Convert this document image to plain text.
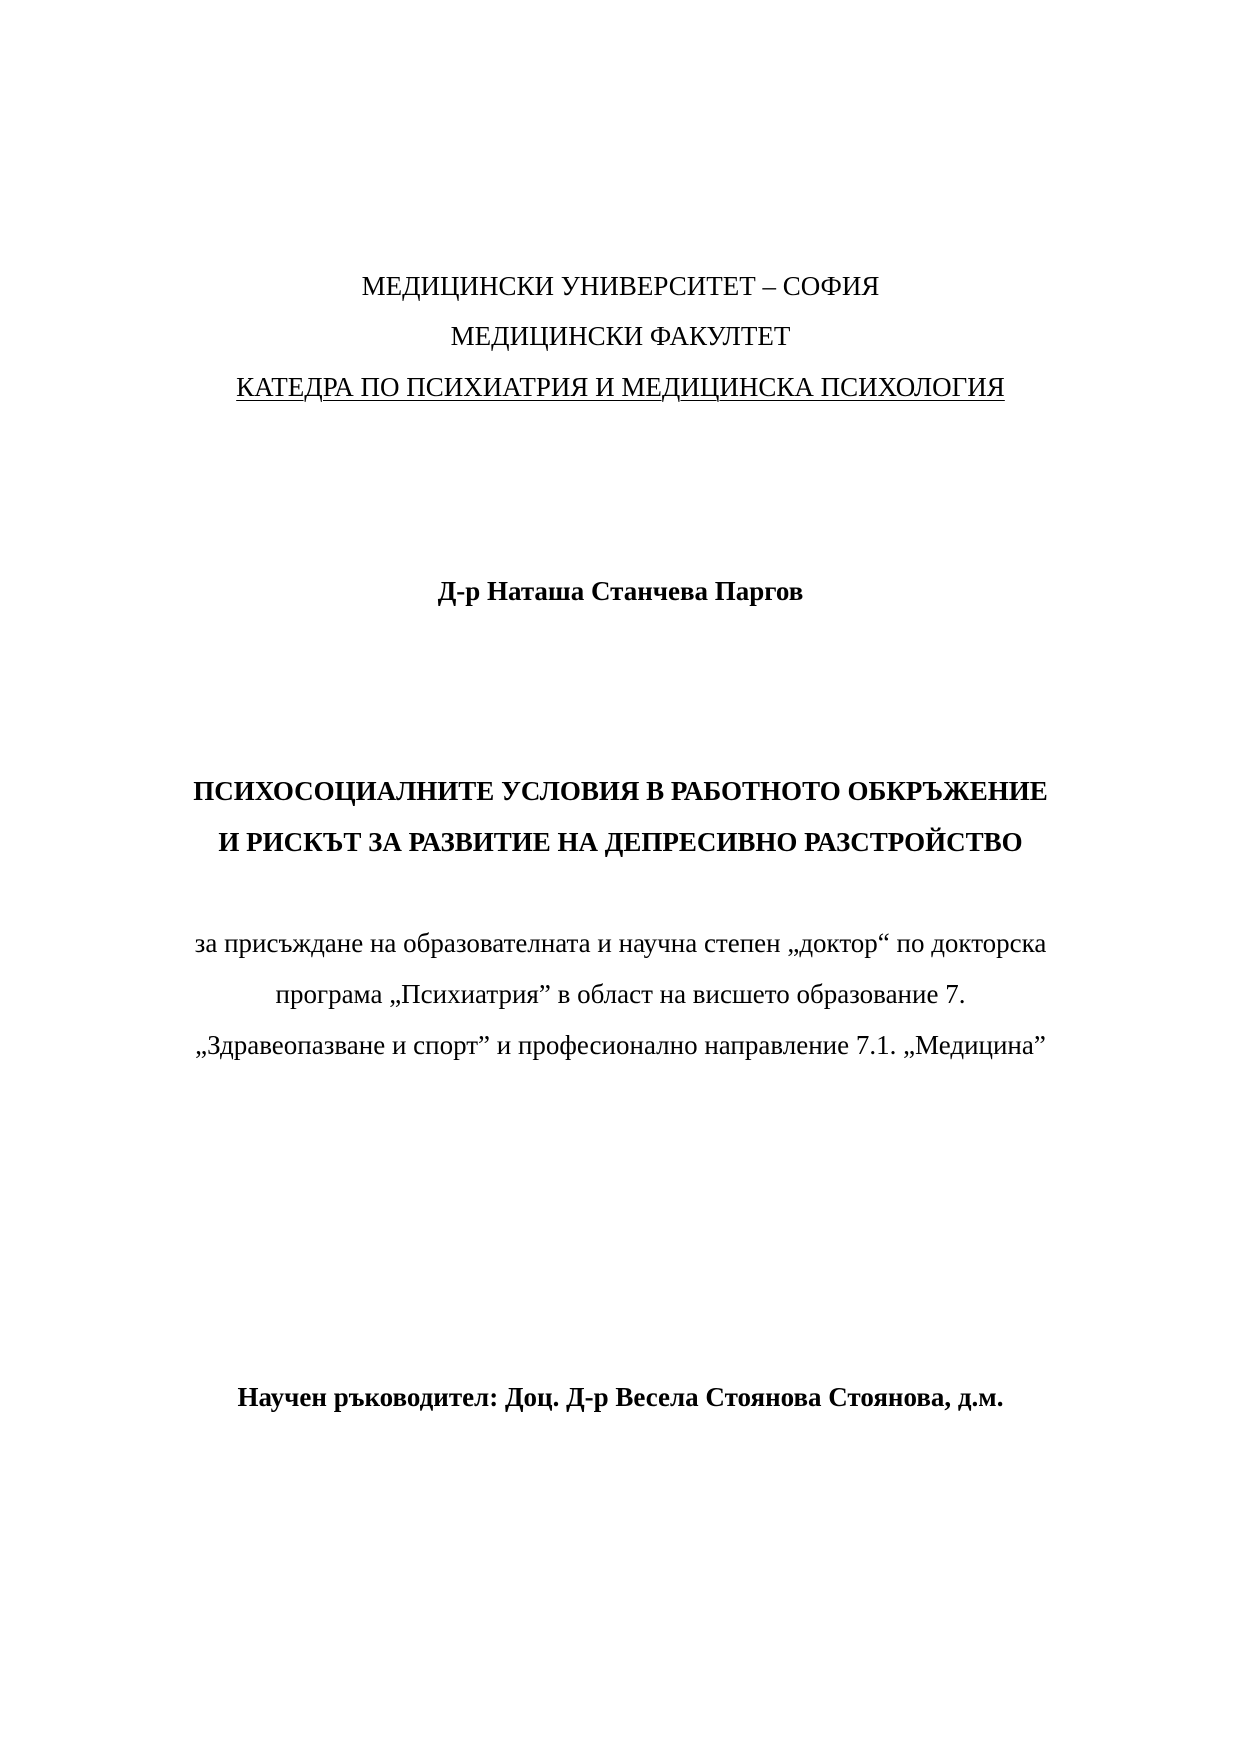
МЕДИЦИНСКИ УНИВЕРСИТЕТ – СОФИЯ
МЕДИЦИНСКИ ФАКУЛТЕТ
КАТЕДРА ПО ПСИХИАТРИЯ И МЕДИЦИНСКА ПСИХОЛОГИЯ
Д-р Наташа Станчева Паргов
ПСИХОСОЦИАЛНИТЕ УСЛОВИЯ В РАБОТНОТО ОБКРЪЖЕНИЕ
И РИСКЪТ ЗА РАЗВИТИЕ НА ДЕПРЕСИВНО РАЗСТРОЙСТВО
за присъждане на образователната и научна степен „доктор“ по докторска
програма „Психиатрия” в област на висшето образование 7.
„Здравеопазване и спорт” и професионално направление 7.1. „Медицина”
Научен ръководител: Доц. Д-р Весела Стоянова Стоянова, д.м.
